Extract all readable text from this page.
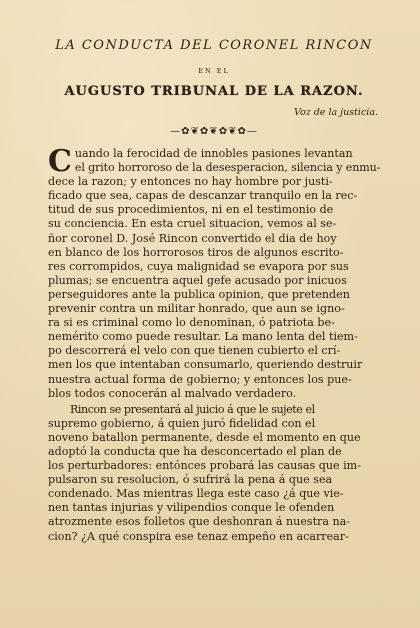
LA CONDUCTA DEL CORONEL RINCON
EN EL
AUGUSTO TRIBUNAL DE LA RAZON.
Voz de la justicia.
—✿❦✿❦✿❦✿—
C uando la ferocidad de innobles pasiones levantan
el grito horroroso de la desesperacion, silencia y enmu-
dece la razon; y entonces no hay hombre por justi-
ficado que sea, capas de descanzar tranquilo en la rec-
titud de sus procedimientos, ni en el testimonio de
su conciencia. En esta cruel situacion, vemos al se-
ñor coronel D. José Rincon convertido el dia de hoy
en blanco de los horrorosos tiros de algunos escrito-
res corrompidos, cuya malignidad se evapora por sus
plumas; se encuentra aquel gefe acusado por inicuos
perseguidores ante la publica opinion, que pretenden
prevenir contra un militar honrado, que aun se igno-
ra si es criminal como lo denominan, ó patriota be-
nemérito como puede resultar. La mano lenta del tiem-
po descorrerá el velo con que tienen cubierto el crí-
men los que intentaban consumarlo, queriendo destruir
nuestra actual forma de gobierno; y entonces los pue-
blos todos conocerán al malvado verdadero.
Rincon se presentará al juicio á que le sujete el
supremo gobierno, á quien juró fidelidad con el
noveno batallon permanente, desde el momento en que
adoptó la conducta que ha desconcertado el plan de
los perturbadores: entónces probará las causas que im-
pulsaron su resolucion, ó sufrirá la pena á que sea
condenado. Mas mientras llega este caso ¿á que vie-
nen tantas injurias y vilipendios conque le ofenden
atrozmente esos folletos que deshonran á nuestra na-
cion? ¿A qué conspira ese tenaz empeño en acarrear-
